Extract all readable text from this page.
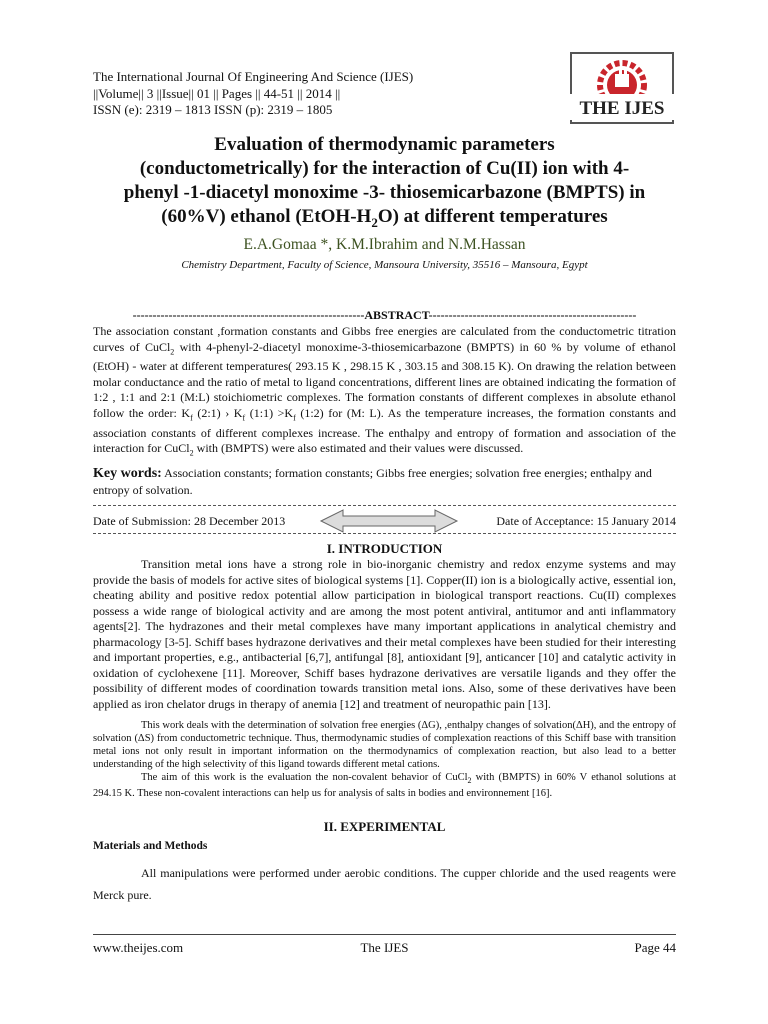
The International Journal Of Engineering And Science (IJES)
||Volume|| 3 ||Issue|| 01 || Pages || 44-51 || 2014 ||
ISSN (e): 2319 – 1813 ISSN (p): 2319 – 1805	THE IJES
Evaluation of thermodynamic parameters
(conductometrically) for the interaction of Cu(II) ion with 4-
phenyl -1-diacetyl monoxime -3- thiosemicarbazone (BMPTS) in
(60%V) ethanol $(EtOH-H_2O)$ at different temperatures
E.A.Gomaa *, K.M.Ibrahim and N.M.Hassan
Chemistry Department, Faculty of Science, Mansoura University, 35516 – Mansoura, Egypt
----------------------------------------------------------ABSTRACT----------------------------------------------------
The association constant ,formation constants and Gibbs free energies are calculated from the conductometric titration curves of CuCl$_2$ with 4-phenyl-2-diacetyl monoxime-3-thiosemicarbazone (BMPTS) in 60 % by volume of ethanol (EtOH) - water at different temperatures( 293.15 K , 298.15 K , 303.15 and 308.15 K). On drawing the relation between molar conductance and the ratio of metal to ligand concentrations, different lines are obtained indicating the formation of 1:2 , 1:1 and 2:1 (M:L) stoichiometric complexes. The formation constants of different complexes in absolute ethanol follow the order: $K_f$ (2:1) › $K_f$ (1:1) $>K_f$ (1:2) for (M: L). As the temperature increases, the formation constants and association constants of different complexes increase. The enthalpy and entropy of formation and association of the interaction for CuCl$_2$ with (BMPTS) were also estimated and their values were discussed.
Key words: Association constants; formation constants; Gibbs free energies; solvation free energies; enthalpy and entropy of solvation.
Date of Submission: 28 December 2013	Date of Acceptance: 15 January 2014
I. INTRODUCTION

Transition metal ions have a strong role in bio-inorganic chemistry and redox enzyme systems and may provide the basis of models for active sites of biological systems [1]. Copper(II) ion is a biologically active, essential ion, cheating ability and positive redox potential allow participation in biological transport reactions. Cu(II) complexes possess a wide range of biological activity and are among the most potent antiviral, antitumor and anti inflammatory agents[2]. The hydrazones and their metal complexes have many important applications in analytical chemistry and pharmacology [3-5]. Schiff bases hydrazone derivatives and their metal complexes have been studied for their interesting and important properties, e.g., antibacterial [6,7], antifungal [8], antioxidant [9], anticancer [10] and catalytic activity in oxidation of cyclohexene [11]. Moreover, Schiff bases hydrazone derivatives are versatile ligands and they offer the possibility of different modes of coordination towards transition metal ions. Also, some of these derivatives have been applied as iron chelator drugs in therapy of anemia [12] and treatment of neuropathic pain [13].

This work deals with the determination of solvation free energies (ΔG), ,enthalpy changes of solvation(ΔH), and the entropy of solvation (ΔS) from conductometric technique. Thus, thermodynamic studies of complexation reactions of this Schiff base with transition metal ions not only result in important information on the thermodynamics of complexation reaction, but also lead to a better understanding of the high selectivity of this ligand towards different metal cations.

The aim of this work is the evaluation the non-covalent behavior of CuCl$_2$ with (BMPTS) in 60% V ethanol solutions at 294.15 K. These non-covalent interactions can help us for analysis of salts in bodies and environnement [16].

II. EXPERIMENTAL
Materials and Methods

All manipulations were performed under aerobic conditions. The cupper chloride and the used reagents were Merck pure.

www.theijes.com	The IJES	Page 44
